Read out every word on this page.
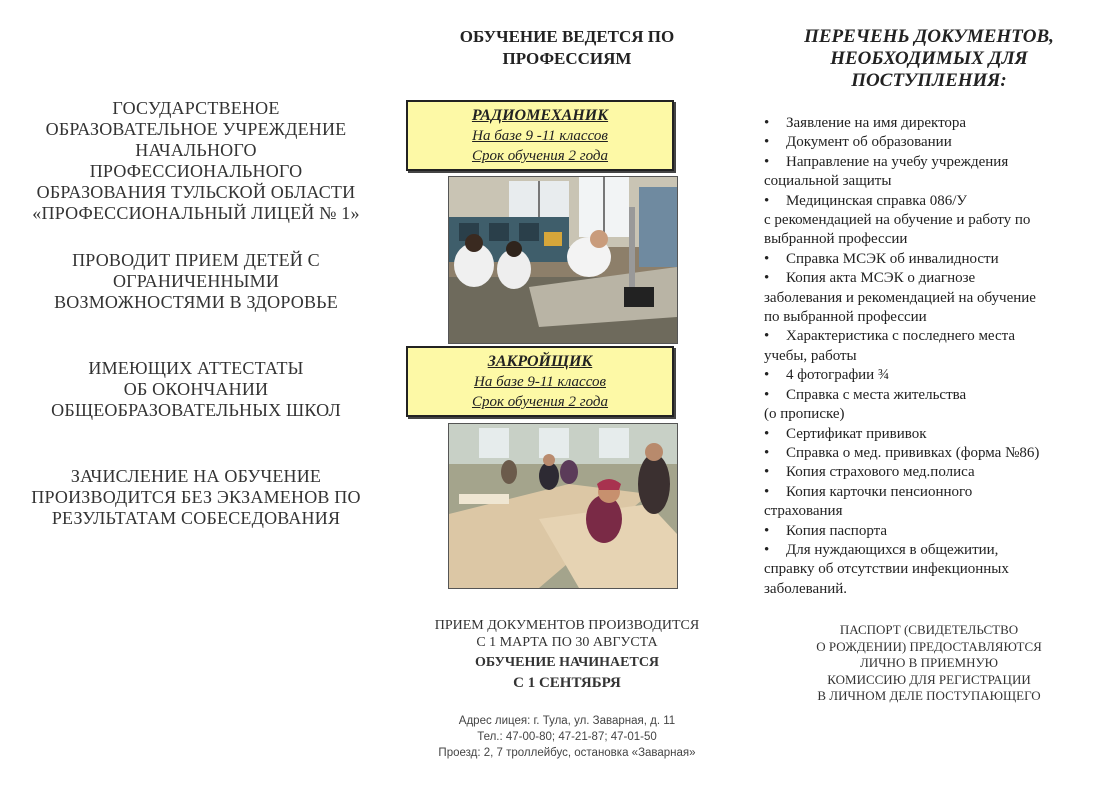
ГОСУДАРСТВЕНОЕ
ОБРАЗОВАТЕЛЬНОЕ УЧРЕЖДЕНИЕ
НАЧАЛЬНОГО
ПРОФЕССИОНАЛЬНОГО
ОБРАЗОВАНИЯ ТУЛЬСКОЙ ОБЛАСТИ
«ПРОФЕССИОНАЛЬНЫЙ ЛИЦЕЙ № 1»
ПРОВОДИТ ПРИЕМ ДЕТЕЙ С
ОГРАНИЧЕННЫМИ
ВОЗМОЖНОСТЯМИ В ЗДОРОВЬЕ
ИМЕЮЩИХ АТТЕСТАТЫ
ОБ ОКОНЧАНИИ
ОБЩЕОБРАЗОВАТЕЛЬНЫХ ШКОЛ
ЗАЧИСЛЕНИЕ НА ОБУЧЕНИЕ
ПРОИЗВОДИТСЯ БЕЗ ЭКЗАМЕНОВ ПО
РЕЗУЛЬТАТАМ СОБЕСЕДОВАНИЯ
ОБУЧЕНИЕ ВЕДЕТСЯ ПО
ПРОФЕССИЯМ
РАДИОМЕХАНИК
На базе 9 -11 классов
Срок обучения 2 года
ЗАКРОЙЩИК
На базе 9-11 классов
Срок обучения 2 года
ПРИЕМ ДОКУМЕНТОВ ПРОИЗВОДИТСЯ
С 1 МАРТА ПО 30 АВГУСТА
ОБУЧЕНИЕ НАЧИНАЕТСЯ
С 1 СЕНТЯБРЯ
Адрес лицея: г. Тула, ул. Заварная, д. 11
Тел.: 47-00-80; 47-21-87; 47-01-50
Проезд: 2, 7 троллейбус, остановка «Заварная»
ПЕРЕЧЕНЬ ДОКУМЕНТОВ,
НЕОБХОДИМЫХ ДЛЯ
ПОСТУПЛЕНИЯ:
• Заявление на имя директора
• Документ об образовании
• Направление на учебу учреждения
социальной защиты
• Медицинская справка 086/У
с рекомендацией на обучение и работу по
выбранной профессии
• Справка МСЭК об инвалидности
• Копия акта МСЭК о диагнозе
заболевания и рекомендацией на обучение
по выбранной профессии
• Характеристика с последнего места
учебы, работы
• 4 фотографии ¾
• Справка с места жительства
(о прописке)
• Сертификат прививок
• Справка о мед. прививках (форма №86)
• Копия страхового мед.полиса
• Копия карточки пенсионного
страхования
• Копия паспорта
• Для нуждающихся в общежитии,
справку об отсутствии инфекционных
заболеваний.
ПАСПОРТ (СВИДЕТЕЛЬСТВО
О РОЖДЕНИИ) ПРЕДОСТАВЛЯЮТСЯ
ЛИЧНО В ПРИЕМНУЮ
КОМИССИЮ ДЛЯ РЕГИСТРАЦИИ
В ЛИЧНОМ ДЕЛЕ ПОСТУПАЮЩЕГО
